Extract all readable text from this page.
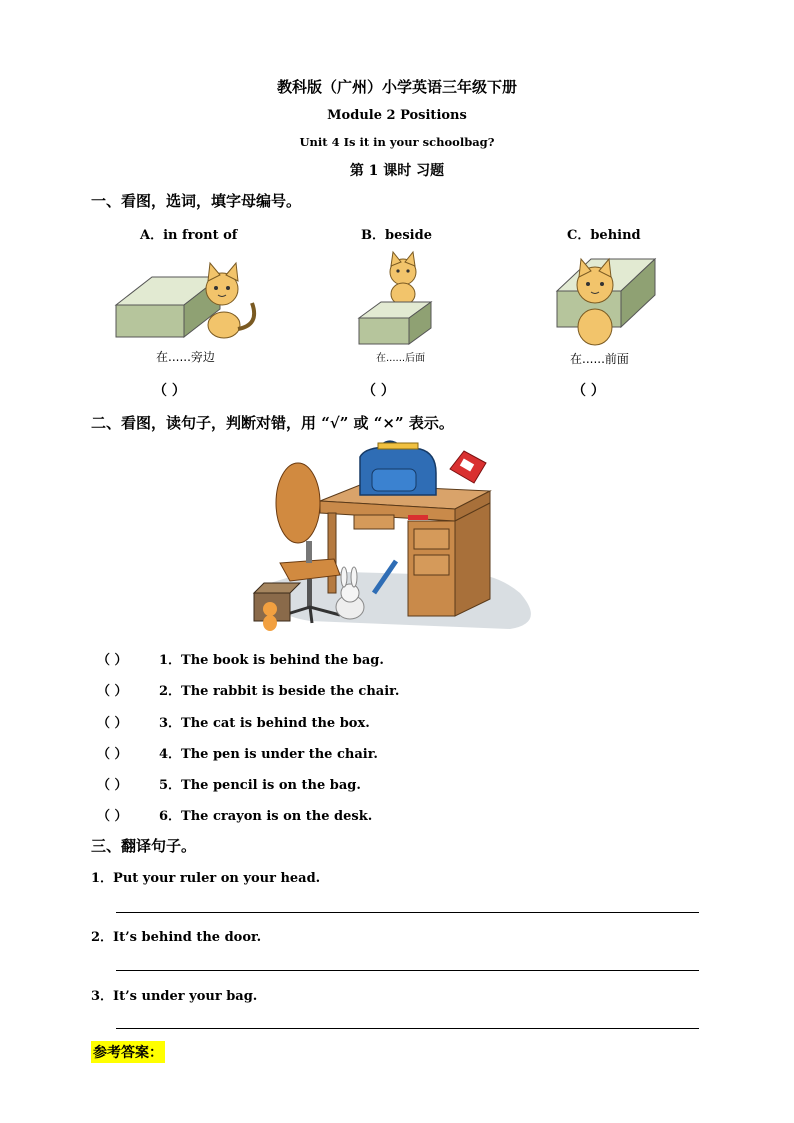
教科版（广州）小学英语三年级下册
Module 2 Positions
Unit 4 Is it in your schoolbag?
第 1 课时 习题
一、看图，选词，填字母编号。
A．in front of	B．beside	C．behind
在......旁边	在......后面	在......前面
（ ）	（ ）	（ ）
二、看图，读句子，判断对错，用 “√” 或 “×” 表示。
（ ） 1．The book is behind the bag.
（ ） 2．The rabbit is beside the chair.
（ ） 3．The cat is behind the box.
（ ） 4．The pen is under the chair.
（ ） 5．The pencil is on the bag.
（ ） 6．The crayon is on the desk.
三、翻译句子。
1．Put your ruler on your head.
2．It’s behind the door.
3．It’s under your bag.
参考答案：
